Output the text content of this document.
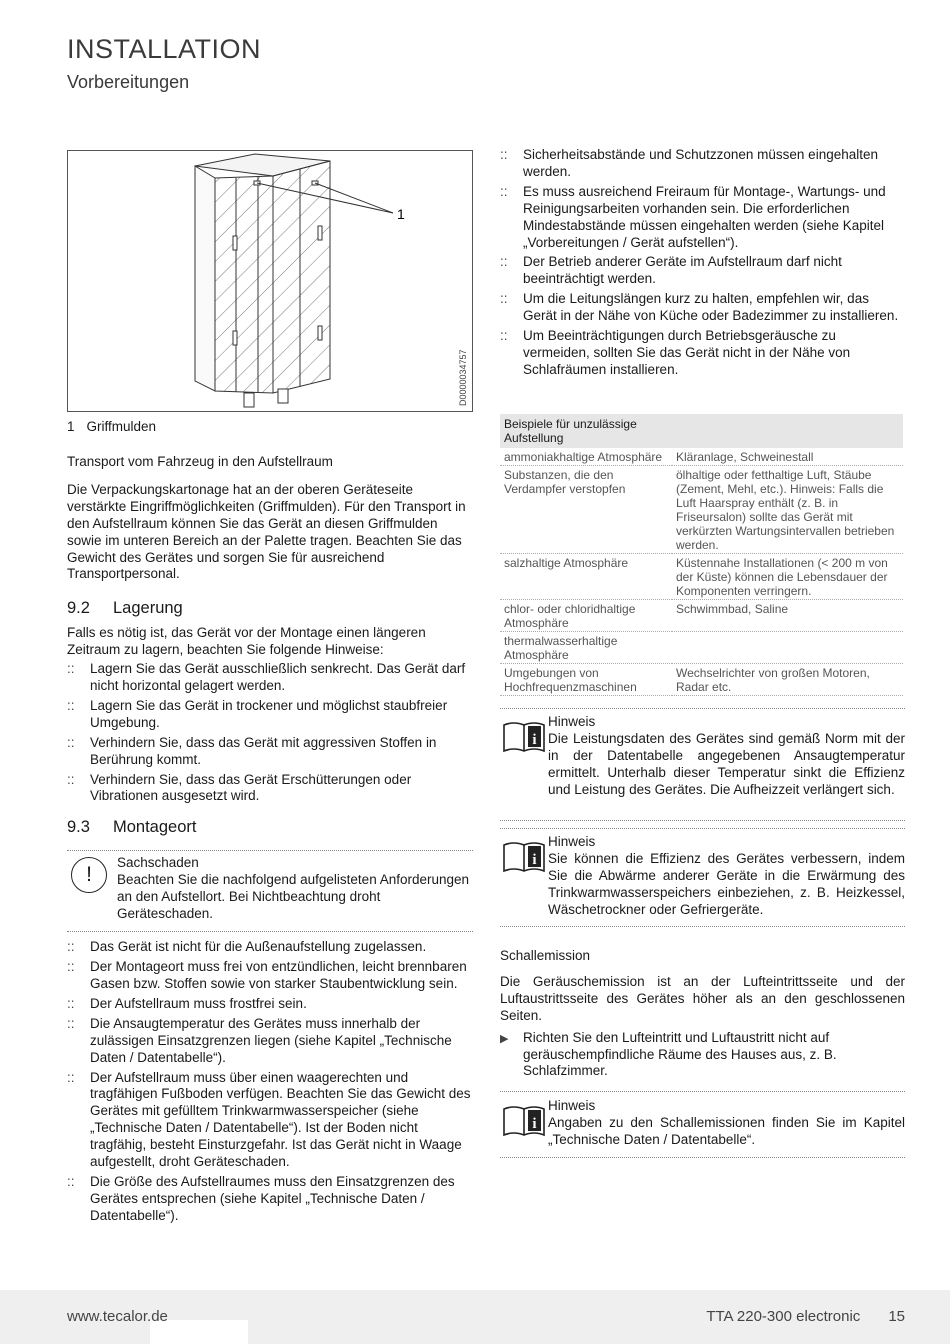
INSTALLATION
Vorbereitungen
1
D0000034757
1 Griffmulden
Transport vom Fahrzeug in den Aufstellraum
Die Verpackungskartonage hat an der oberen Geräteseite verstärkte Eingriffmöglichkeiten (Griffmulden). Für den Transport in den Aufstellraum können Sie das Gerät an diesen Griffmulden sowie im unteren Bereich an der Palette tragen. Beachten Sie das Gewicht des Gerätes und sorgen Sie für ausreichend Transportpersonal.
9.2 Lagerung
Falls es nötig ist, das Gerät vor der Montage einen längeren Zeitraum zu lagern, beachten Sie folgende Hinweise:
:: Lagern Sie das Gerät ausschließlich senkrecht. Das Gerät darf nicht horizontal gelagert werden.
:: Lagern Sie das Gerät in trockener und möglichst staubfreier Umgebung.
:: Verhindern Sie, dass das Gerät mit aggressiven Stoffen in Berührung kommt.
:: Verhindern Sie, dass das Gerät Erschütterungen oder Vibrationen ausgesetzt wird.
9.3 Montageort
!
Sachschaden
Beachten Sie die nachfolgend aufgelisteten Anforderungen an den Aufstellort. Bei Nichtbeachtung droht Geräteschaden.
:: Das Gerät ist nicht für die Außenaufstellung zugelassen.
:: Der Montageort muss frei von entzündlichen, leicht brennbaren Gasen bzw. Stoffen sowie von starker Staubentwicklung sein.
:: Der Aufstellraum muss frostfrei sein.
:: Die Ansaugtemperatur des Gerätes muss innerhalb der zulässigen Einsatzgrenzen liegen (siehe Kapitel „Technische Daten / Datentabelle“).
:: Der Aufstellraum muss über einen waagerechten und tragfähigen Fußboden verfügen. Beachten Sie das Gewicht des Gerätes mit gefülltem Trinkwarmwasserspeicher (siehe „Technische Daten / Datentabelle“). Ist der Boden nicht tragfähig, besteht Einsturzgefahr. Ist das Gerät nicht in Waage aufgestellt, droht Geräteschaden.
:: Die Größe des Aufstellraumes muss den Einsatzgrenzen des Gerätes entsprechen (siehe Kapitel „Technische Daten / Datentabelle“).
:: Sicherheitsabstände und Schutzzonen müssen eingehalten werden.
:: Es muss ausreichend Freiraum für Montage-, Wartungs- und Reinigungsarbeiten vorhanden sein. Die erforderlichen Mindestabstände müssen eingehalten werden (siehe Kapitel „Vorbereitungen / Gerät aufstellen“).
:: Der Betrieb anderer Geräte im Aufstellraum darf nicht beeinträchtigt werden.
:: Um die Leitungslängen kurz zu halten, empfehlen wir, das Gerät in der Nähe von Küche oder Badezimmer zu installieren.
:: Um Beeinträchtigungen durch Betriebsgeräusche zu vermeiden, sollten Sie das Gerät nicht in der Nähe von Schlafräumen installieren.
Beispiele für unzulässige Aufstellung	
ammoniakhaltige Atmosphäre	Kläranlage, Schweinestall
Substanzen, die den Verdampfer verstopfen	ölhaltige oder fetthaltige Luft, Stäube (Zement, Mehl, etc.). Hinweis: Falls die Luft Haarspray enthält (z. B. in Friseursalon) sollte das Gerät mit verkürzten Wartungsintervallen betrieben werden.
salzhaltige Atmosphäre	Küstennahe Installationen (< 200 m von der Küste) können die Lebensdauer der Komponenten verringern.
chlor- oder chloridhaltige Atmosphäre	Schwimmbad, Saline
thermalwasserhaltige Atmosphäre	
Umgebungen von Hochfrequenzmaschinen	Wechselrichter von großen Motoren, Radar etc.
i
Hinweis
Die Leistungsdaten des Gerätes sind gemäß Norm mit der in der Datentabelle angegebenen Ansaugtemperatur ermittelt. Unterhalb dieser Temperatur sinkt die Effizienz und Leistung des Gerätes. Die Aufheizzeit verlängert sich.
i
Hinweis
Sie können die Effizienz des Gerätes verbessern, indem Sie die Abwärme anderer Geräte in die Erwärmung des Trinkwarmwasserspeichers einbeziehen, z. B. Heizkessel, Wäschetrockner oder Gefriergeräte.
Schallemission
Die Geräuschemission ist an der Lufteintrittsseite und der Luftaustrittsseite des Gerätes höher als an den geschlossenen Seiten.
▶ Richten Sie den Lufteintritt und Luftaustritt nicht auf geräuschempfindliche Räume des Hauses aus, z. B. Schlafzimmer.
i
Hinweis
Angaben zu den Schallemissionen finden Sie im Kapitel „Technische Daten / Datentabelle“.
www.tecalor.de	TTA 220-300 electronic 15
